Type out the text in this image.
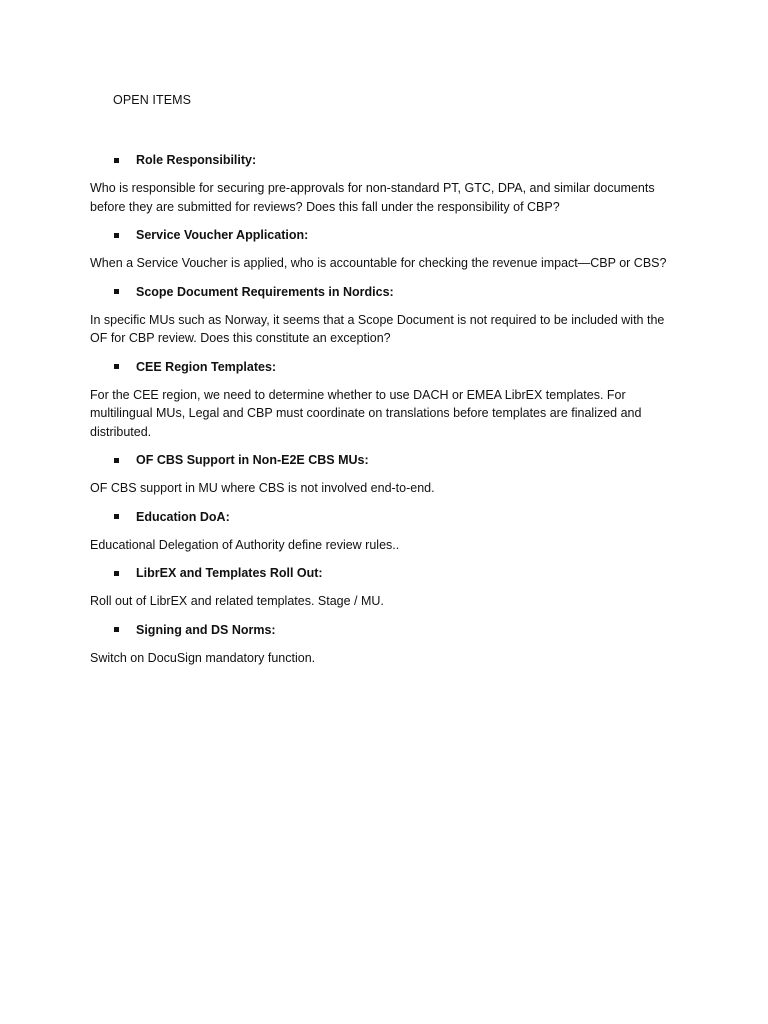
OPEN ITEMS
Role Responsibility:

Who is responsible for securing pre-approvals for non-standard PT, GTC, DPA, and similar documents before they are submitted for reviews? Does this fall under the responsibility of CBP?

Service Voucher Application:

When a Service Voucher is applied, who is accountable for checking the revenue impact—CBP or CBS?

Scope Document Requirements in Nordics:

In specific MUs such as Norway, it seems that a Scope Document is not required to be included with the OF for CBP review. Does this constitute an exception?

CEE Region Templates:

For the CEE region, we need to determine whether to use DACH or EMEA LibrEX templates. For multilingual MUs, Legal and CBP must coordinate on translations before templates are finalized and distributed.

OF CBS Support in Non-E2E CBS MUs:

OF CBS support in MU where CBS is not involved end-to-end.

Education DoA:

Educational Delegation of Authority define review rules..

LibrEX and Templates Roll Out:

Roll out of LibrEX and related templates. Stage / MU.

Signing and DS Norms:

Switch on DocuSign mandatory function.
